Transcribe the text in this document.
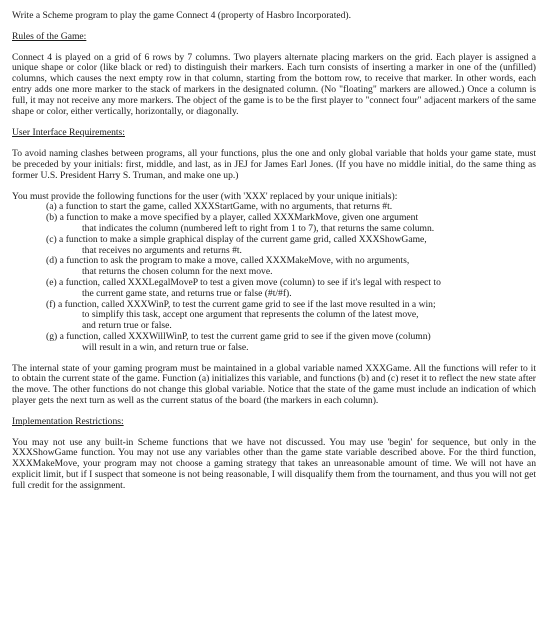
Write a Scheme program to play the game Connect 4 (property of Hasbro Incorporated).

Rules of the Game:

Connect 4 is played on a grid of 6 rows by 7 columns. Two players alternate placing markers on the grid. Each player is assigned a unique shape or color (like black or red) to distinguish their markers. Each turn consists of inserting a marker in one of the (unfilled) columns, which causes the next empty row in that column, starting from the bottom row, to receive that marker. In other words, each entry adds one more marker to the stack of markers in the designated column. (No "floating" markers are allowed.) Once a column is full, it may not receive any more markers. The object of the game is to be the first player to "connect four" adjacent markers of the same shape or color, either vertically, horizontally, or diagonally.

User Interface Requirements:

To avoid naming clashes between programs, all your functions, plus the one and only global variable that holds your game state, must be preceded by your initials: first, middle, and last, as in JEJ for James Earl Jones. (If you have no middle initial, do the same thing as former U.S. President Harry S. Truman, and make one up.)

You must provide the following functions for the user (with 'XXX' replaced by your unique initials):

(a) a function to start the game, called XXXStartGame, with no arguments, that returns #t.
(b) a function to make a move specified by a player, called XXXMarkMove, given one argument
that indicates the column (numbered left to right from 1 to 7), that returns the same column.
(c) a function to make a simple graphical display of the current game grid, called XXXShowGame,
that receives no arguments and returns #t.
(d) a function to ask the program to make a move, called XXXMakeMove, with no arguments,
that returns the chosen column for the next move.
(e) a function, called XXXLegalMoveP to test a given move (column) to see if it's legal with respect to
the current game state, and returns true or false (#t/#f).
(f) a function, called XXXWinP, to test the current game grid to see if the last move resulted in a win;
to simplify this task, accept one argument that represents the column of the latest move,
and return true or false.
(g) a function, called XXXWillWinP, to test the current game grid to see if the given move (column)
will result in a win, and return true or false.

The internal state of your gaming program must be maintained in a global variable named XXXGame. All the functions will refer to it to obtain the current state of the game. Function (a) initializes this variable, and functions (b) and (c) reset it to reflect the new state after the move. The other functions do not change this global variable. Notice that the state of the game must include an indication of which player gets the next turn as well as the current status of the board (the markers in each column).

Implementation Restrictions:

You may not use any built-in Scheme functions that we have not discussed. You may use 'begin' for sequence, but only in the XXXShowGame function. You may not use any variables other than the game state variable described above. For the third function, XXXMakeMove, your program may not choose a gaming strategy that takes an unreasonable amount of time. We will not have an explicit limit, but if I suspect that someone is not being reasonable, I will disqualify them from the tournament, and thus you will not get full credit for the assignment.
